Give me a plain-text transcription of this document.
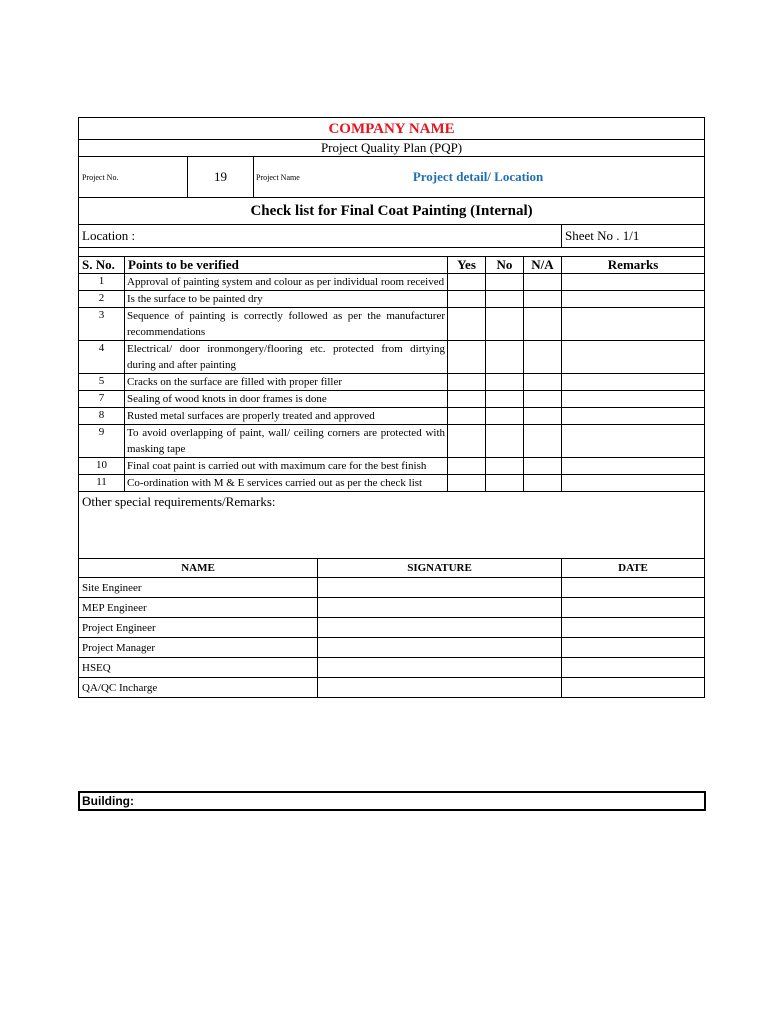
COMPANY NAME							
Project Quality Plan (PQP)							
Project No.		19	Project Name Project detail/ Location				

Check list for Final Coat Painting (Internal)							
Location :							Sheet No . 1/1

S. No.	Points to be verified			Yes	No	N/A	Remarks
1	Approval of painting system and colour as per individual room received						
2	Is the surface to be painted dry						
3	Sequence of painting is correctly followed as per the manufacturer recommendations						
4	Electrical/ door ironmongery/flooring etc. protected from dirtying during and after painting						
5	Cracks on the surface are filled with proper filler						
7	Sealing of wood knots in door frames is done						
8	Rusted metal surfaces are properly treated and approved						
9	To avoid overlapping of paint, wall/ ceiling corners are protected with masking tape						
10	Final coat paint is carried out with maximum care for the best finish						
11	Co-ordination with M & E services carried out as per the check list						
Other special requirements/Remarks:							
NAME	SIGNATURE	DATE
Site Engineer		
MEP Engineer		
Project Engineer		
Project Manager		
HSEQ		
QA/QC Incharge		
Building:
